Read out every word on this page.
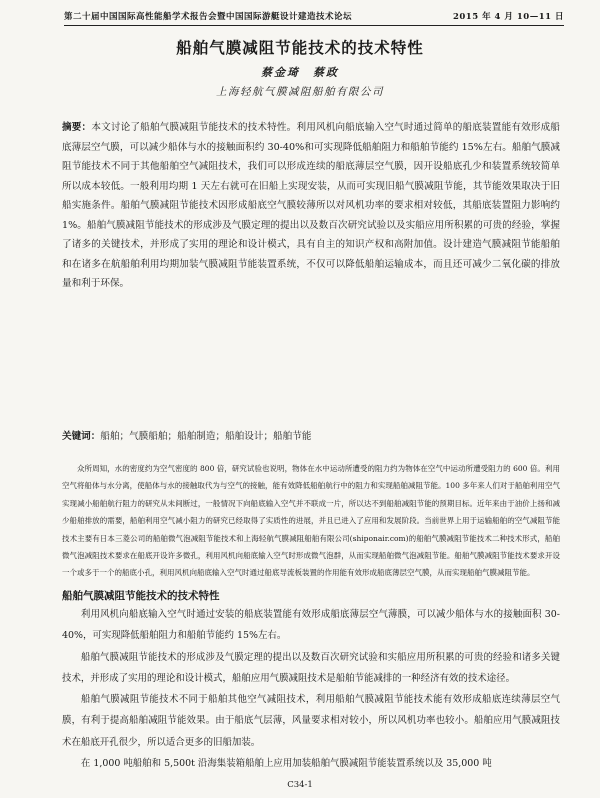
第二十届中国国际高性能船学术报告会暨中国国际游艇设计建造技术论坛	2015 年 4 月 10—11 日
船舶气膜减阻节能技术的技术特性
蔡金琦　蔡政
上海轻航气膜减阻船舶有限公司
摘要：本文讨论了船舶气膜减阻节能技术的技术特性。利用风机向船底输入空气时通过简单的船底装置能有效形成船底薄层空气膜，可以减少船体与水的接触面积约 30-40%和可实现降低船舶阻力和船舶节能约 15%左右。船舶气膜减阻节能技术不同于其他船舶空气减阻技术，我们可以形成连续的船底薄层空气膜，因开设船底孔少和装置系统较简单所以成本较低。一般利用均期 1 天左右就可在旧船上实现安装，从而可实现旧船气膜减阻节能，其节能效果取决于旧船实施条件。船舶气膜减阻节能技术因形成船底空气膜较薄所以对风机功率的要求相对较低，其船底装置阻力影响约 1%。船舶气膜减阻节能技术的形成涉及气膜定理的提出以及数百次研究试验以及实船应用所积累的可贵的经验，掌握了诸多的关键技术，并形成了实用的理论和设计模式，具有自主的知识产权和高附加值。设计建造气膜减阻节能船舶和在诸多在航船舶利用均期加装气膜减阻节能装置系统，不仅可以降低船舶运输成本，而且还可减少二氧化碳的排放量和利于环保。
关键词：船舶；气膜船舶；船舶制造；船舶设计；船舶节能

众所周知，水的密度约为空气密度的 800 倍，研究试验也说明，物体在水中运动所遭受的阻力约为物体在空气中运动所遭受阻力的 600 倍。利用空气将船体与水分离，使船体与水的接触取代为与空气的接触，能有效降低船舶航行中的阻力和实现船舶减阻节能。100 多年来人们对于船舶利用空气实现减小船舶航行阻力的研究从未间断过，一般情况下向船底输入空气并不联成一片，所以达不到船舶减阻节能的预期目标。近年来由于油价上扬和减少船舶排放的需要，船舶利用空气减小阻力的研究已经取得了实质性的进展，并且已进入了应用和发展阶段。当前世界上用于运输船舶的空气减阻节能技术主要有日本三菱公司的船舶微气泡减阻节能技术和上海轻航气膜减阻船舶有限公司(shiponair.com)的船舶气膜减阻节能技术二种技术形式，船舶微气泡减阻技术要求在船底开设许多微孔，利用风机向船底输入空气时形成微气泡群，从而实现船舶微气泡减阻节能。船舶气膜减阻节能技术要求开设一个或多于一个的船底小孔，利用风机向船底输入空气时通过船底导流板装置的作用能有效形成船底薄层空气膜，从而实现船舶气膜减阻节能。

船舶气膜减阻节能技术的技术特性

利用风机向船底输入空气时通过安装的船底装置能有效形成船底薄层空气薄膜，可以减少船体与水的接触面积 30-40%，可实现降低船舶阻力和船舶节能约 15%左右。

船舶气膜减阻节能技术的形成涉及气膜定理的提出以及数百次研究试验和实船应用所积累的可贵的经验和诸多关键技术，并形成了实用的理论和设计模式，船舶应用气膜减阻技术是船舶节能减排的一种经济有效的技术途径。

船舶气膜减阻节能技术不同于船舶其他空气减阻技术，利用船舶气膜减阻节能技术能有效形成船底连续薄层空气膜，有利于提高船舶减阻节能效果。由于船底气层薄，风量要求相对较小，所以风机功率也较小。船舶应用气膜减阻技术在船底开孔很少，所以适合更多的旧船加装。

在 1,000 吨船舶和 5,500t 沿海集装箱船舶上应用加装船舶气膜减阻节能装置系统以及 35,000 吨

C34-1
